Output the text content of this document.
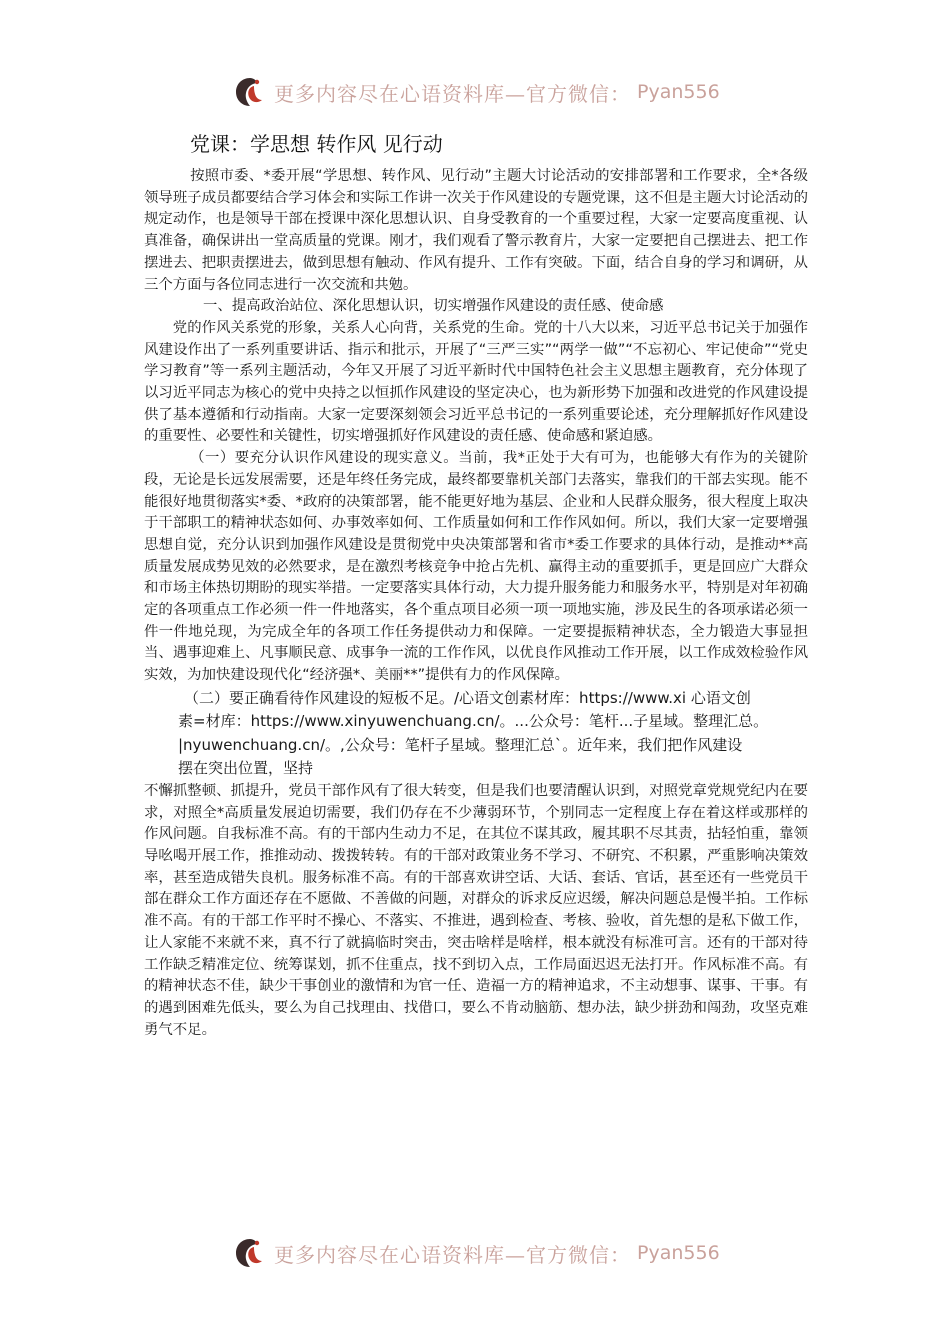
更多内容尽在心语资料库—官方微信： Pyan556
党课：学思想 转作风 见行动

按照市委、*委开展“学思想、转作风、见行动”主题大讨论活动的安排部署和工作要求，全*各级领导班子成员都要结合学习体会和实际工作讲一次关于作风建设的专题党课，这不但是主题大讨论活动的规定动作，也是领导干部在授课中深化思想认识、自身受教育的一个重要过程，大家一定要高度重视、认真准备，确保讲出一堂高质量的党课。刚才，我们观看了警示教育片，大家一定要把自己摆进去、把工作摆进去、把职责摆进去，做到思想有触动、作风有提升、工作有突破。下面，结合自身的学习和调研，从三个方面与各位同志进行一次交流和共勉。

一、提高政治站位、深化思想认识，切实增强作风建设的责任感、使命感

党的作风关系党的形象，关系人心向背，关系党的生命。党的十八大以来，习近平总书记关于加强作风建设作出了一系列重要讲话、指示和批示，开展了“三严三实”“两学一做”“不忘初心、牢记使命”“党史学习教育”等一系列主题活动，今年又开展了习近平新时代中国特色社会主义思想主题教育，充分体现了以习近平同志为核心的党中央持之以恒抓作风建设的坚定决心，也为新形势下加强和改进党的作风建设提供了基本遵循和行动指南。大家一定要深刻领会习近平总书记的一系列重要论述，充分理解抓好作风建设的重要性、必要性和关键性，切实增强抓好作风建设的责任感、使命感和紧迫感。

（一）要充分认识作风建设的现实意义。当前，我*正处于大有可为，也能够大有作为的关键阶段，无论是长远发展需要，还是年终任务完成，最终都要靠机关部门去落实，靠我们的干部去实现。能不能很好地贯彻落实*委、*政府的决策部署，能不能更好地为基层、企业和人民群众服务，很大程度上取决于干部职工的精神状态如何、办事效率如何、工作质量如何和工作作风如何。所以，我们大家一定要增强思想自觉，充分认识到加强作风建设是贯彻党中央决策部署和省市*委工作要求的具体行动，是推动**高质量发展成势见效的必然要求，是在激烈考核竞争中抢占先机、赢得主动的重要抓手，更是回应广大群众和市场主体热切期盼的现实举措。一定要落实具体行动，大力提升服务能力和服务水平，特别是对年初确定的各项重点工作必须一件一件地落实，各个重点项目必须一项一项地实施，涉及民生的各项承诺必须一件一件地兑现，为完成全年的各项工作任务提供动力和保障。一定要提振精神状态，全力锻造大事显担当、遇事迎难上、凡事顺民意、成事争一流的工作作风，以优良作风推动工作开展，以工作成效检验作风实效，为加快建设现代化“经济强*、美丽**”提供有力的作风保障。

（二）要正确看待作风建设的短板不足。/心语文创素材库：https://www.xi 心语文创

素=材库：https://www.xinyuwenchuang.cn/。...公众号：笔杆...子星域。整理汇总。

|nyuwenchuang.cn/。,公众号：笔杆子星域。整理汇总`。近年来，我们把作风建设

摆在突出位置，坚持

不懈抓整顿、抓提升，党员干部作风有了很大转变，但是我们也要清醒认识到，对照党章党规党纪内在要求，对照全*高质量发展迫切需要，我们仍存在不少薄弱环节，个别同志一定程度上存在着这样或那样的作风问题。自我标准不高。有的干部内生动力不足，在其位不谋其政，履其职不尽其责，拈轻怕重，靠领导吆喝开展工作，推推动动、拨拨转转。有的干部对政策业务不学习、不研究、不积累，严重影响决策效率，甚至造成错失良机。服务标准不高。有的干部喜欢讲空话、大话、套话、官话，甚至还有一些党员干部在群众工作方面还存在不愿做、不善做的问题，对群众的诉求反应迟缓，解决问题总是慢半拍。工作标准不高。有的干部工作平时不操心、不落实、不推进，遇到检查、考核、验收，首先想的是私下做工作，让人家能不来就不来，真不行了就搞临时突击，突击啥样是啥样，根本就没有标准可言。还有的干部对待工作缺乏精准定位、统筹谋划，抓不住重点，找不到切入点，工作局面迟迟无法打开。作风标准不高。有的精神状态不佳，缺少干事创业的激情和为官一任、造福一方的精神追求，不主动想事、谋事、干事。有的遇到困难先低头，要么为自己找理由、找借口，要么不肯动脑筋、想办法，缺少拼劲和闯劲，攻坚克难勇气不足。

更多内容尽在心语资料库—官方微信： Pyan556
